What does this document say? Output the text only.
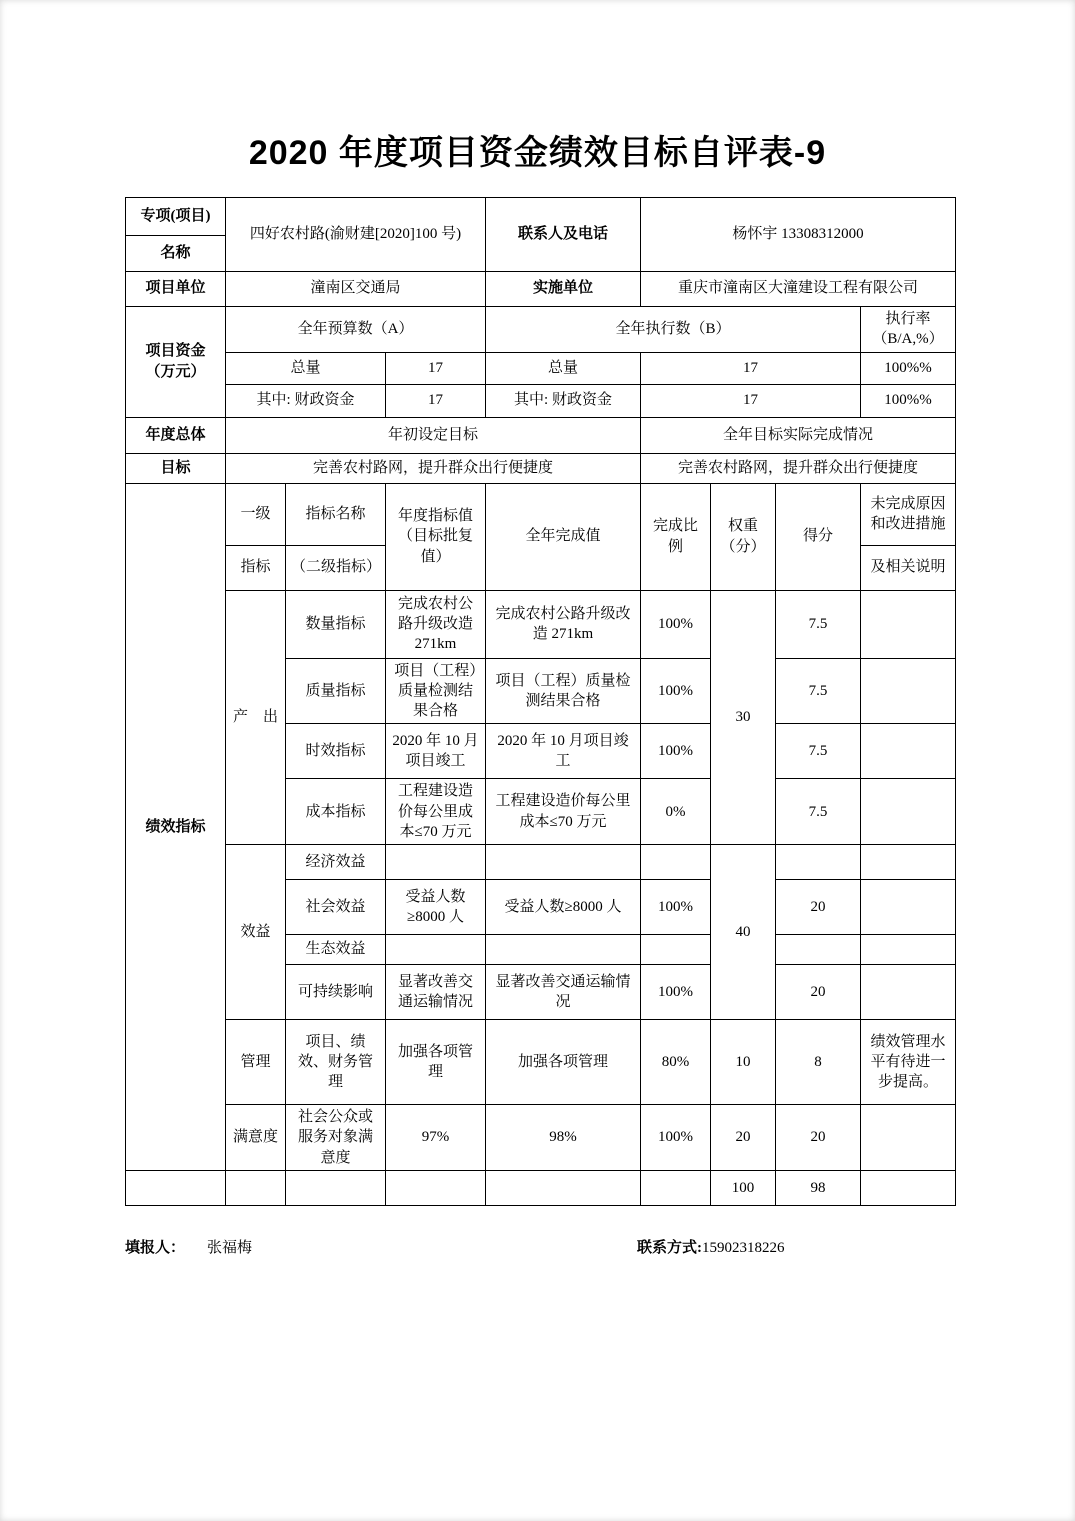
2020 年度项目资金绩效目标自评表-9
专项(项目)	四好农村路(渝财建[2020]100 号)			联系人及电话	杨怀宇 13308312000			
名称								
项目单位	潼南区交通局			实施单位	重庆市潼南区大潼建设工程有限公司			
项目资金（万元）	全年预算数（A）			全年执行数（B）				执行率（B/A,%）
	总量		17	总量	17			100%%
	其中: 财政资金		17	其中: 财政资金	17			100%%
年度总体	年初设定目标				全年目标实际完成情况			
目标	完善农村路网，提升群众出行便捷度				完善农村路网，提升群众出行便捷度			
绩效指标	一级	指标名称	年度指标值（目标批复值）	全年完成值	完成比例	权重（分）	得分	未完成原因和改进措施
	指标	（二级指标）						及相关说明
	产　出	数量指标	完成农村公路升级改造271km	完成农村公路升级改造 271km	100%	30	7.5	
		质量指标	项目（工程）质量检测结果合格	项目（工程）质量检测结果合格	100%		7.5	
		时效指标	2020 年 10 月项目竣工	2020 年 10 月项目竣工	100%		7.5	
		成本指标	工程建设造价每公里成本≤70 万元	工程建设造价每公里成本≤70 万元	0%		7.5	
	效益	经济效益				40		
		社会效益	受益人数≥8000 人	受益人数≥8000 人	100%		20	
		生态效益						
		可持续影响	显著改善交通运输情况	显著改善交通运输情况	100%		20	
	管理	项目、绩效、财务管理	加强各项管理	加强各项管理	80%	10	8	绩效管理水平有待进一步提高。
	满意度	社会公众或服务对象满意度	97%	98%	100%	20	20	
						100	98	
填报人： 张福梅	联系方式:15902318226
